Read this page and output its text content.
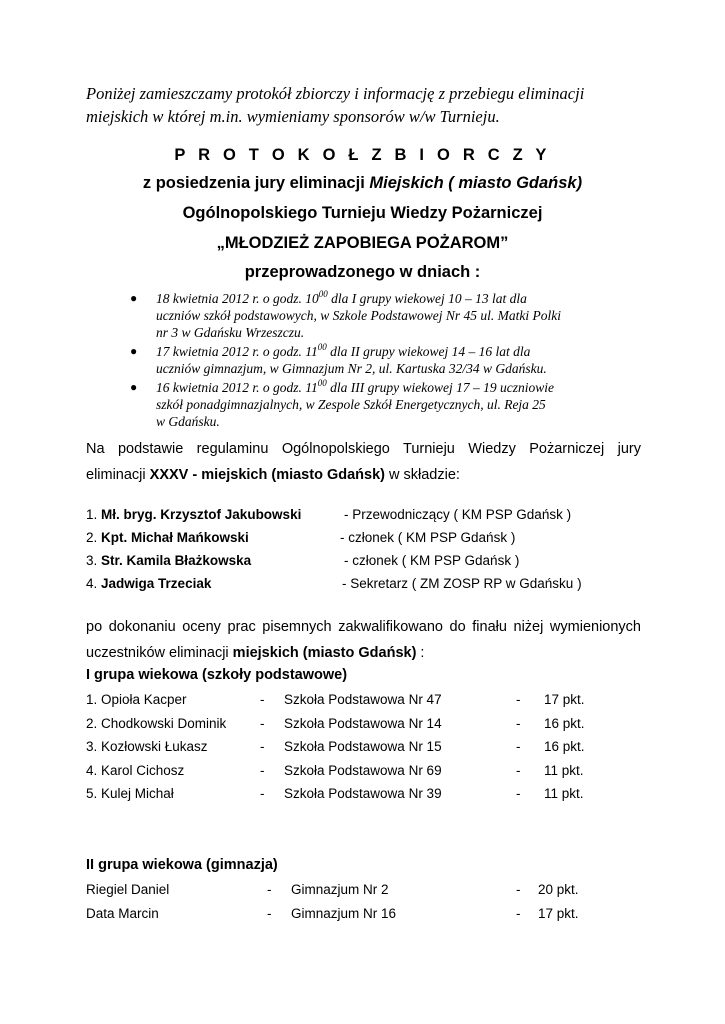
Poniżej zamieszczamy protokół zbiorczy i informację z przebiegu eliminacji
miejskich w której m.in. wymieniamy sponsorów w/w Turnieju.
P R O T O K O Ł Z B I O R C Z Y
z posiedzenia jury eliminacji Miejskich ( miasto Gdańsk)
Ogólnopolskiego Turnieju Wiedzy Pożarniczej
„MŁODZIEŻ ZAPOBIEGA POŻAROM”
przeprowadzonego w dniach :
● 18 kwietnia 2012 r. o godz. $10^{00}$ dla I grupy wiekowej 10 – 13 lat dla
uczniów szkół podstawowych, w Szkole Podstawowej Nr 45 ul. Matki Polki
nr 3 w Gdańsku Wrzeszczu.
● 17 kwietnia 2012 r. o godz. $11^{00}$ dla II grupy wiekowej 14 – 16 lat dla
uczniów gimnazjum, w Gimnazjum Nr 2, ul. Kartuska 32/34 w Gdańsku.
● 16 kwietnia 2012 r. o godz. $11^{00}$ dla III grupy wiekowej 17 – 19 uczniowie
szkół ponadgimnazjalnych, w Zespole Szkół Energetycznych, ul. Reja 25
w Gdańsku.
Na podstawie regulaminu Ogólnopolskiego Turnieju Wiedzy Pożarniczej jury
eliminacji XXXV - miejskich (miasto Gdańsk) w składzie:
1. Mł. bryg. Krzysztof Jakubowski	- Przewodniczący ( KM PSP Gdańsk )
2. Kpt. Michał Mańkowski	- członek ( KM PSP Gdańsk )
3. Str. Kamila Błażkowska	- członek ( KM PSP Gdańsk )
4. Jadwiga Trzeciak	- Sekretarz ( ZM ZOSP RP w Gdańsku )
po dokonaniu oceny prac pisemnych zakwalifikowano do finału niżej wymienionych
uczestników eliminacji miejskich (miasto Gdańsk) :
I grupa wiekowa (szkoły podstawowe)
1. Opioła Kacper	- Szkoła Podstawowa Nr 47	- 17 pkt.
2. Chodkowski Dominik - Szkoła Podstawowa Nr 14	- 16 pkt.
3. Kozłowski Łukasz	- Szkoła Podstawowa Nr 15	- 16 pkt.
4. Karol Cichosz	- Szkoła Podstawowa Nr 69	- 11 pkt.
5. Kulej Michał	- Szkoła Podstawowa Nr 39	- 11 pkt.
II grupa wiekowa (gimnazja)
Riegiel Daniel	- Gimnazjum Nr 2	- 20 pkt.
Data Marcin	- Gimnazjum Nr 16	- 17 pkt.
